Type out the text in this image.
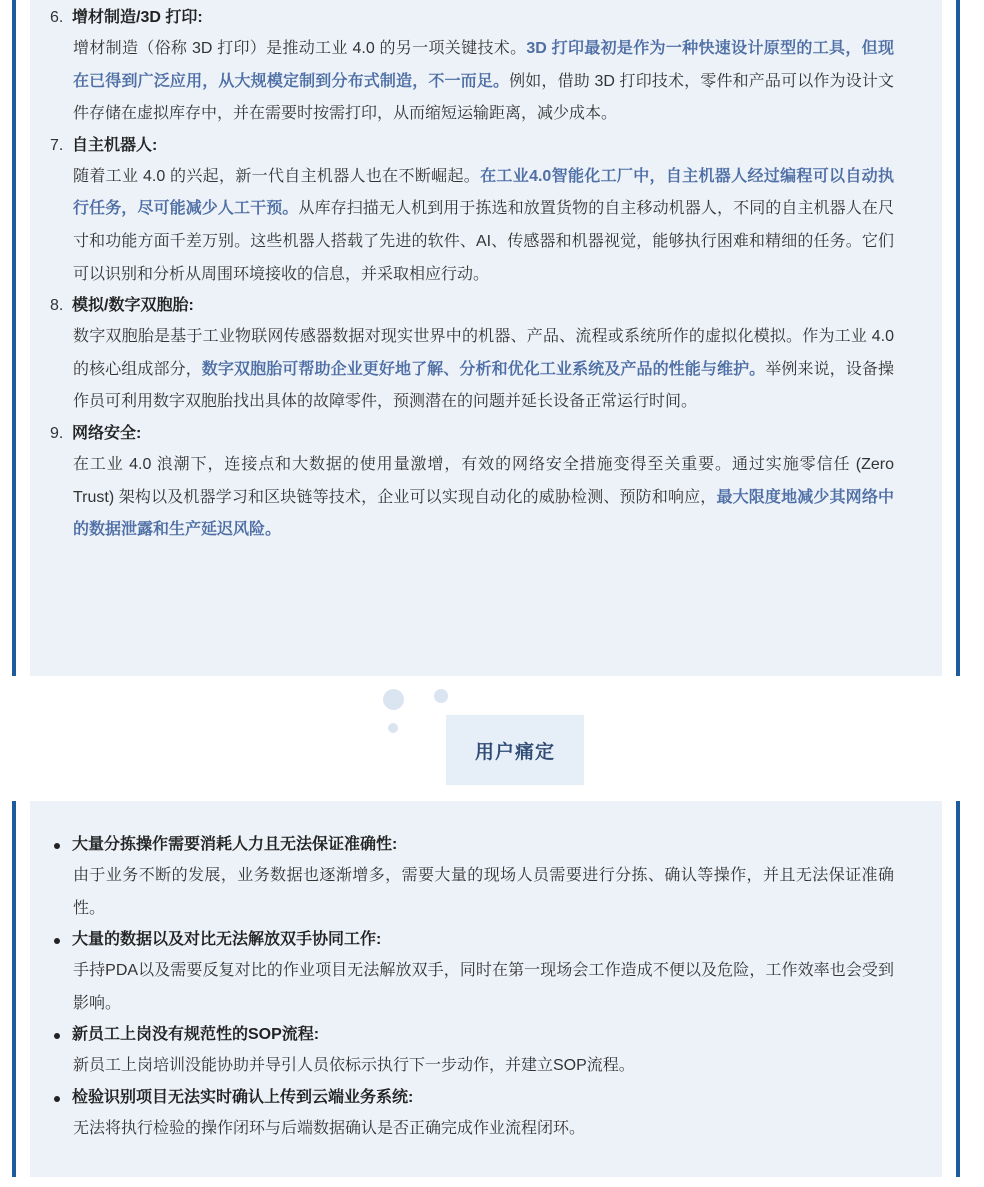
6. 增材制造/3D 打印:
增材制造（俗称 3D 打印）是推动工业 4.0 的另一项关键技术。3D 打印最初是作为一种快速设计原型的工具，但现在已得到广泛应用，从大规模定制到分布式制造，不一而足。例如，借助 3D 打印技术，零件和产品可以作为设计文件存储在虚拟库存中，并在需要时按需打印，从而缩短运输距离，减少成本。
7. 自主机器人:
随着工业 4.0 的兴起，新一代自主机器人也在不断崛起。在工业4.0智能化工厂中，自主机器人经过编程可以自动执行任务，尽可能减少人工干预。从库存扫描无人机到用于拣选和放置货物的自主移动机器人，不同的自主机器人在尺寸和功能方面千差万别。这些机器人搭载了先进的软件、AI、传感器和机器视觉，能够执行困难和精细的任务。它们可以识别和分析从周围环境接收的信息，并采取相应行动。
8. 模拟/数字双胞胎:
数字双胞胎是基于工业物联网传感器数据对现实世界中的机器、产品、流程或系统所作的虚拟化模拟。作为工业 4.0 的核心组成部分，数字双胞胎可帮助企业更好地了解、分析和优化工业系统及产品的性能与维护。举例来说，设备操作员可利用数字双胞胎找出具体的故障零件，预测潜在的问题并延长设备正常运行时间。
9. 网络安全:
在工业 4.0 浪潮下，连接点和大数据的使用量激增，有效的网络安全措施变得至关重要。通过实施零信任 (Zero Trust) 架构以及机器学习和区块链等技术，企业可以实现自动化的威胁检测、预防和响应，最大限度地减少其网络中的数据泄露和生产延迟风险。
用户痛定
大量分拣操作需要消耗人力且无法保证准确性:
由于业务不断的发展，业务数据也逐渐增多，需要大量的现场人员需要进行分拣、确认等操作，并且无法保证准确性。
大量的数据以及对比无法解放双手协同工作:
手持PDA以及需要反复对比的作业项目无法解放双手，同时在第一现场会工作造成不便以及危险，工作效率也会受到影响。
新员工上岗没有规范性的SOP流程:
新员工上岗培训没能协助并导引人员依标示执行下一步动作，并建立SOP流程。
检验识别项目无法实时确认上传到云端业务系统:
无法将执行检验的操作闭环与后端数据确认是否正确完成作业流程闭环。
